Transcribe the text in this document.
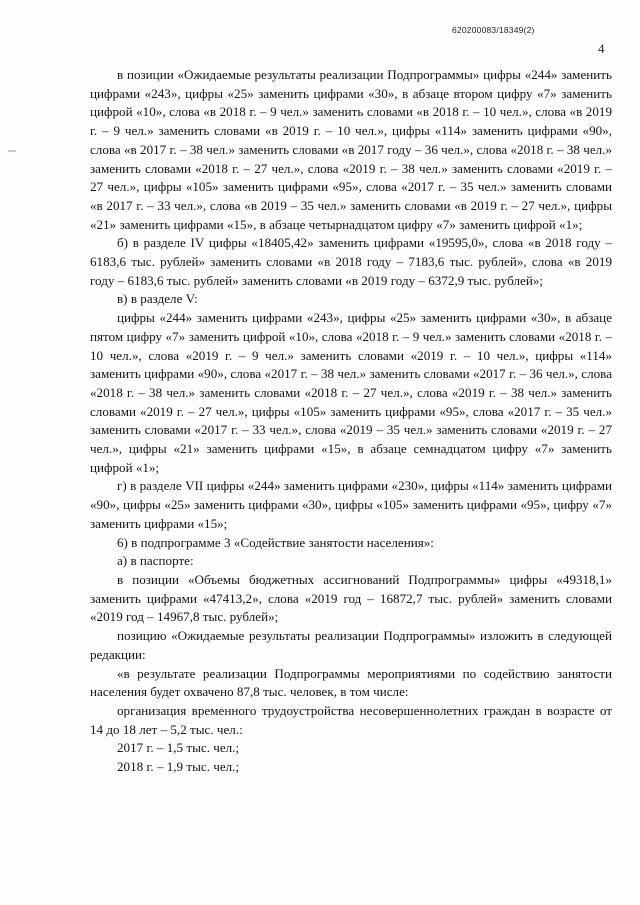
620200083/18349(2)
4

в позиции «Ожидаемые результаты реализации Подпрограммы» цифры «244» заменить цифрами «243», цифры «25» заменить цифрами «30», в абзаце втором цифру «7» заменить цифрой «10», слова «в 2018 г. – 9 чел.» заменить словами «в 2018 г. – 10 чел.», слова «в 2019 г. – 9 чел.» заменить словами «в 2019 г. – 10 чел.», цифры «114» заменить цифрами «90», слова «в 2017 г. – 38 чел.» заменить словами «в 2017 году – 36 чел.», слова «2018 г. – 38 чел.» заменить словами «2018 г. – 27 чел.», слова «2019 г. – 38 чел.» заменить словами «2019 г. – 27 чел.», цифры «105» заменить цифрами «95», слова «2017 г. – 35 чел.» заменить словами «в 2017 г. – 33 чел.», слова «в 2019 – 35 чел.» заменить словами «в 2019 г. – 27 чел.», цифры «21» заменить цифрами «15», в абзаце четырнадцатом цифру «7» заменить цифрой «1»;

б) в разделе IV цифры «18405,42» заменить цифрами «19595,0», слова «в 2018 году – 6183,6 тыс. рублей» заменить словами «в 2018 году – 7183,6 тыс. рублей», слова «в 2019 году – 6183,6 тыс. рублей» заменить словами «в 2019 году – 6372,9 тыс. рублей»;

в) в разделе V:

цифры «244» заменить цифрами «243», цифры «25» заменить цифрами «30», в абзаце пятом цифру «7» заменить цифрой «10», слова «2018 г. – 9 чел.» заменить словами «2018 г. – 10 чел.», слова «2019 г. – 9 чел.» заменить словами «2019 г. – 10 чел.», цифры «114» заменить цифрами «90», слова «2017 г. – 38 чел.» заменить словами «2017 г. – 36 чел.», слова «2018 г. – 38 чел.» заменить словами «2018 г. – 27 чел.», слова «2019 г. – 38 чел.» заменить словами «2019 г. – 27 чел.», цифры «105» заменить цифрами «95», слова «2017 г. – 35 чел.» заменить словами «2017 г. – 33 чел.», слова «2019 – 35 чел.» заменить словами «2019 г. – 27 чел.», цифры «21» заменить цифрами «15», в абзаце семнадцатом цифру «7» заменить цифрой «1»;

г) в разделе VII цифры «244» заменить цифрами «230», цифры «114» заменить цифрами «90», цифры «25» заменить цифрами «30», цифры «105» заменить цифрами «95», цифру «7» заменить цифрами «15»;

6) в подпрограмме 3 «Содействие занятости населения»:

а) в паспорте:

в позиции «Объемы бюджетных ассигнований Подпрограммы» цифры «49318,1» заменить цифрами «47413,2», слова «2019 год – 16872,7 тыс. рублей» заменить словами «2019 год – 14967,8 тыс. рублей»;

позицию «Ожидаемые результаты реализации Подпрограммы» изложить в следующей редакции:

«в результате реализации Подпрограммы мероприятиями по содействию занятости населения будет охвачено 87,8 тыс. человек, в том числе:

организация временного трудоустройства несовершеннолетних граждан в возрасте от 14 до 18 лет – 5,2 тыс. чел.:

2017 г. – 1,5 тыс. чел.;

2018 г. – 1,9 тыс. чел.;
